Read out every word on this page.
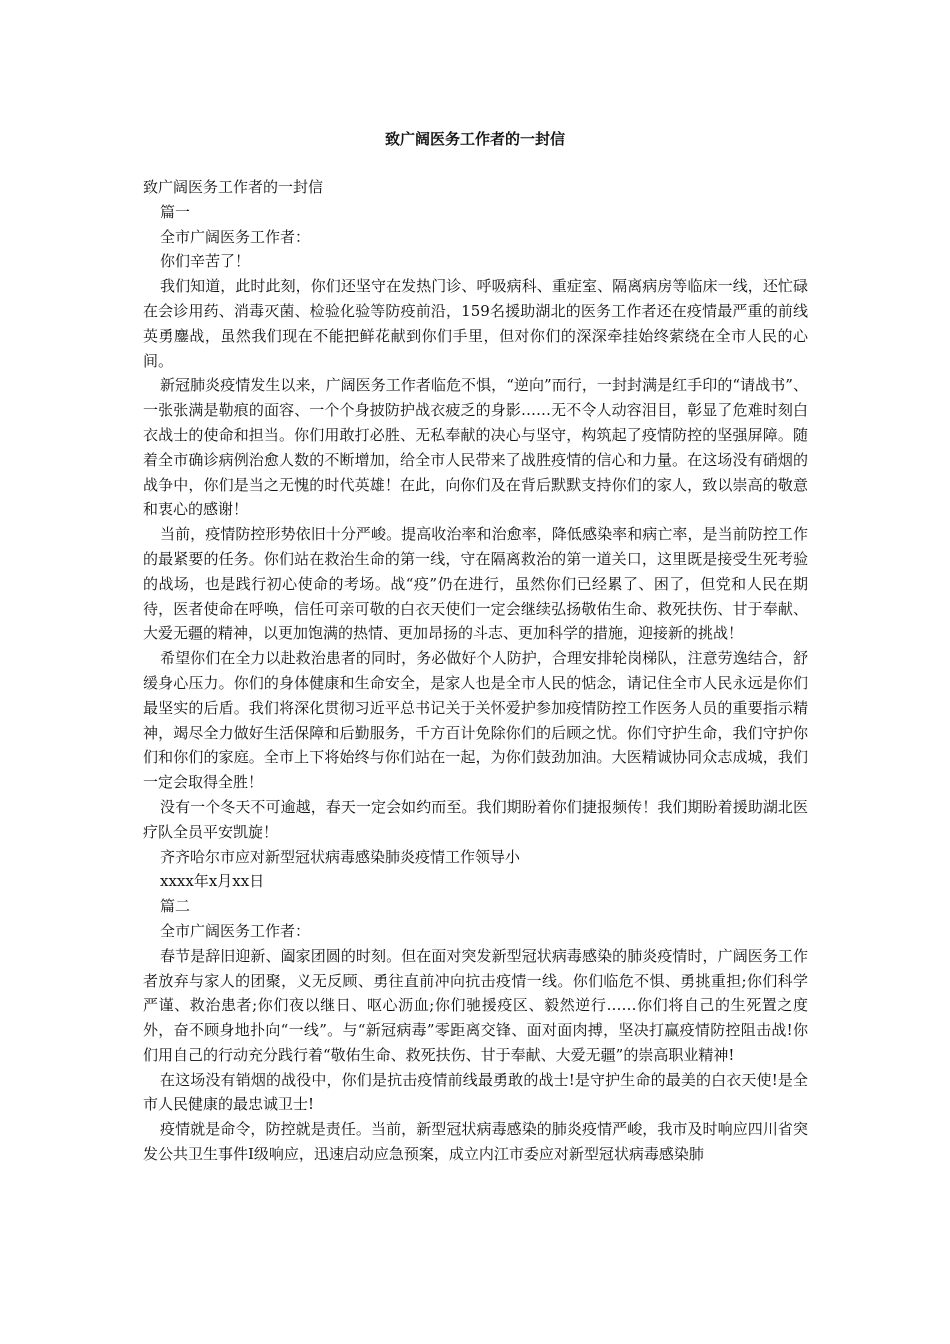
致广阔医务工作者的一封信

致广阔医务工作者的一封信

篇一

全市广阔医务工作者：

你们辛苦了！

我们知道，此时此刻，你们还坚守在发热门诊、呼吸病科、重症室、隔离病房等临床一线，还忙碌在会诊用药、消毒灭菌、检验化验等防疫前沿，159名援助湖北的医务工作者还在疫情最严重的前线英勇鏖战，虽然我们现在不能把鲜花献到你们手里，但对你们的深深牵挂始终萦绕在全市人民的心间。

新冠肺炎疫情发生以来，广阔医务工作者临危不惧，“逆向”而行，一封封满是红手印的“请战书”、一张张满是勒痕的面容、一个个身披防护战衣疲乏的身影……无不令人动容泪目，彰显了危难时刻白衣战士的使命和担当。你们用敢打必胜、无私奉献的决心与坚守，构筑起了疫情防控的坚强屏障。随着全市确诊病例治愈人数的不断增加，给全市人民带来了战胜疫情的信心和力量。在这场没有硝烟的战争中，你们是当之无愧的时代英雄！在此，向你们及在背后默默支持你们的家人，致以崇高的敬意和衷心的感谢！

当前，疫情防控形势依旧十分严峻。提高收治率和治愈率，降低感染率和病亡率，是当前防控工作的最紧要的任务。你们站在救治生命的第一线，守在隔离救治的第一道关口，这里既是接受生死考验的战场，也是践行初心使命的考场。战“疫”仍在进行，虽然你们已经累了、困了，但党和人民在期待，医者使命在呼唤，信任可亲可敬的白衣天使们一定会继续弘扬敬佑生命、救死扶伤、甘于奉献、大爱无疆的精神，以更加饱满的热情、更加昂扬的斗志、更加科学的措施，迎接新的挑战！

希望你们在全力以赴救治患者的同时，务必做好个人防护，合理安排轮岗梯队，注意劳逸结合，舒缓身心压力。你们的身体健康和生命安全，是家人也是全市人民的惦念，请记住全市人民永远是你们最坚实的后盾。我们将深化贯彻习近平总书记关于关怀爱护参加疫情防控工作医务人员的重要指示精神，竭尽全力做好生活保障和后勤服务，千方百计免除你们的后顾之忧。你们守护生命，我们守护你们和你们的家庭。全市上下将始终与你们站在一起，为你们鼓劲加油。大医精诚协同众志成城，我们一定会取得全胜！

没有一个冬天不可逾越，春天一定会如约而至。我们期盼着你们捷报频传！我们期盼着援助湖北医疗队全员平安凯旋！

齐齐哈尔市应对新型冠状病毒感染肺炎疫情工作领导小

xxxx年x月xx日

篇二

全市广阔医务工作者：

春节是辞旧迎新、阖家团圆的时刻。但在面对突发新型冠状病毒感染的肺炎疫情时，广阔医务工作者放弃与家人的团聚，义无反顾、勇往直前冲向抗击疫情一线。你们临危不惧、勇挑重担;你们科学严谨、救治患者;你们夜以继日、呕心沥血;你们驰援疫区、毅然逆行……你们将自己的生死置之度外，奋不顾身地扑向“一线”。与“新冠病毒”零距离交锋、面对面肉搏，坚决打赢疫情防控阻击战!你们用自己的行动充分践行着“敬佑生命、救死扶伤、甘于奉献、大爱无疆”的崇高职业精神!

在这场没有销烟的战役中，你们是抗击疫情前线最勇敢的战士!是守护生命的最美的白衣天使!是全市人民健康的最忠诚卫士!

疫情就是命令，防控就是责任。当前，新型冠状病毒感染的肺炎疫情严峻，我市及时响应四川省突发公共卫生事件Ⅰ级响应，迅速启动应急预案，成立内江市委应对新型冠状病毒感染肺
